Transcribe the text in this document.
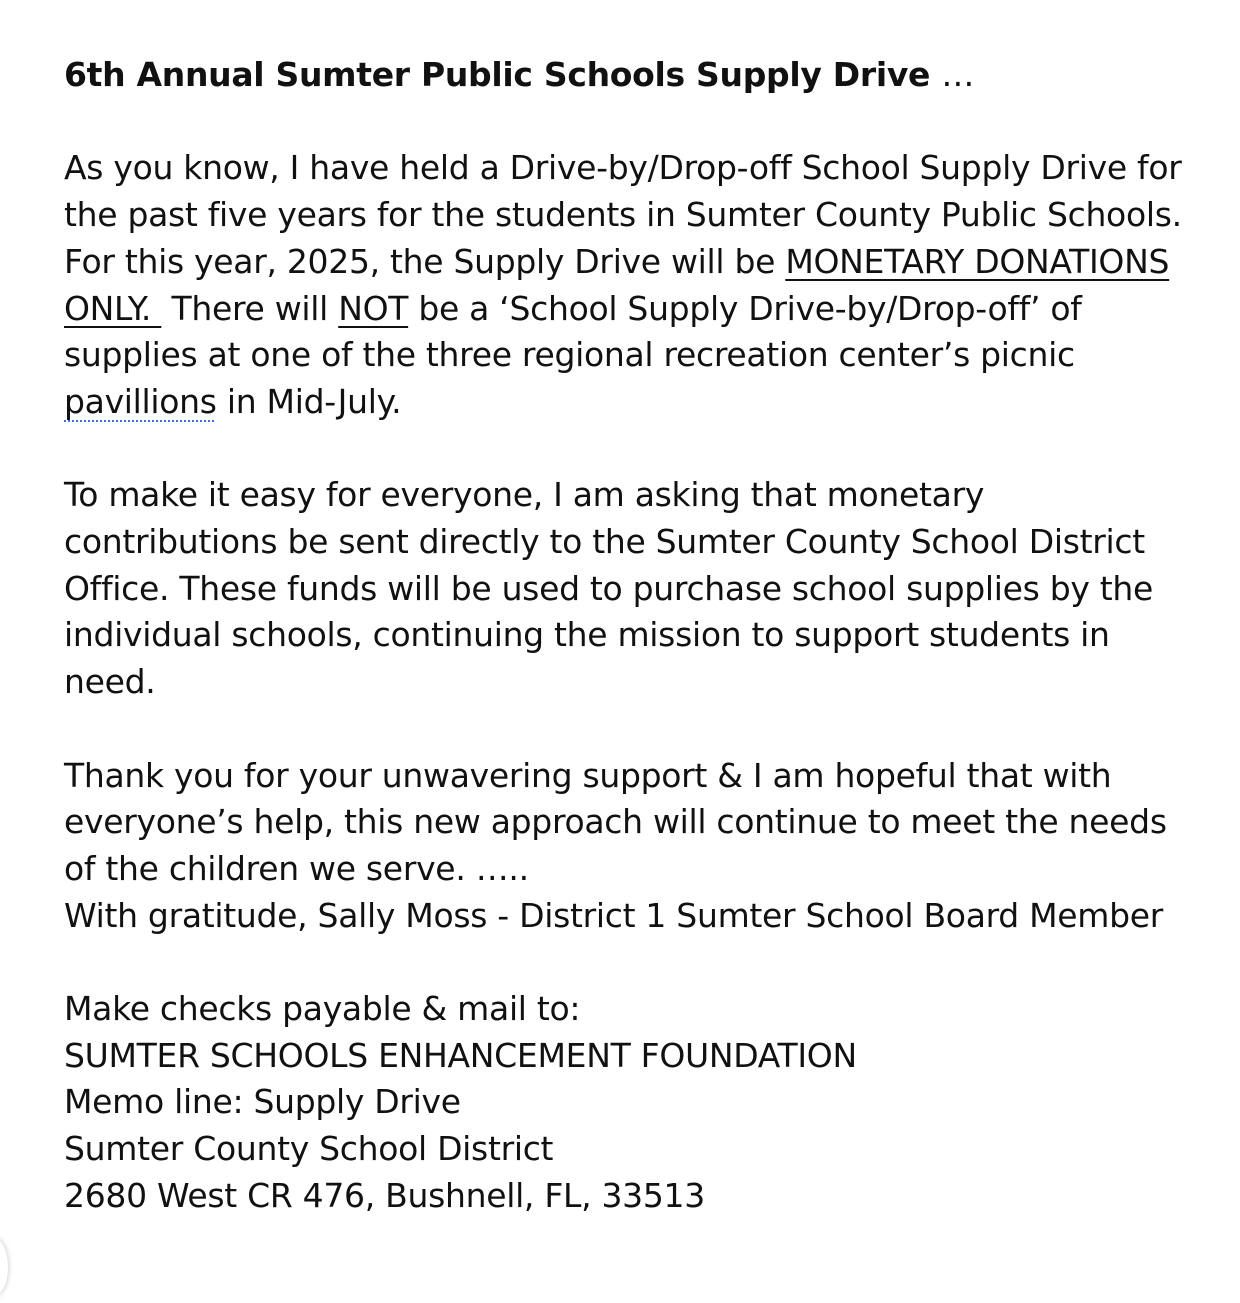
6th Annual Sumter Public Schools Supply Drive …

As you know, I have held a Drive-by/Drop-off School Supply Drive for the past five years for the students in Sumter County Public Schools. For this year, 2025, the Supply Drive will be MONETARY DONATIONS ONLY.  There will NOT be a ‘School Supply Drive-by/Drop-off’ of supplies at one of the three regional recreation center’s picnic pavillions in Mid-July.

To make it easy for everyone, I am asking that monetary contributions be sent directly to the Sumter County School District Office. These funds will be used to purchase school supplies by the individual schools, continuing the mission to support students in need.

Thank you for your unwavering support & I am hopeful that with everyone’s help, this new approach will continue to meet the needs of the children we serve. …..
With gratitude, Sally Moss - District 1 Sumter School Board Member

Make checks payable & mail to:
SUMTER SCHOOLS ENHANCEMENT FOUNDATION
Memo line: Supply Drive
Sumter County School District
2680 West CR 476, Bushnell, FL, 33513
